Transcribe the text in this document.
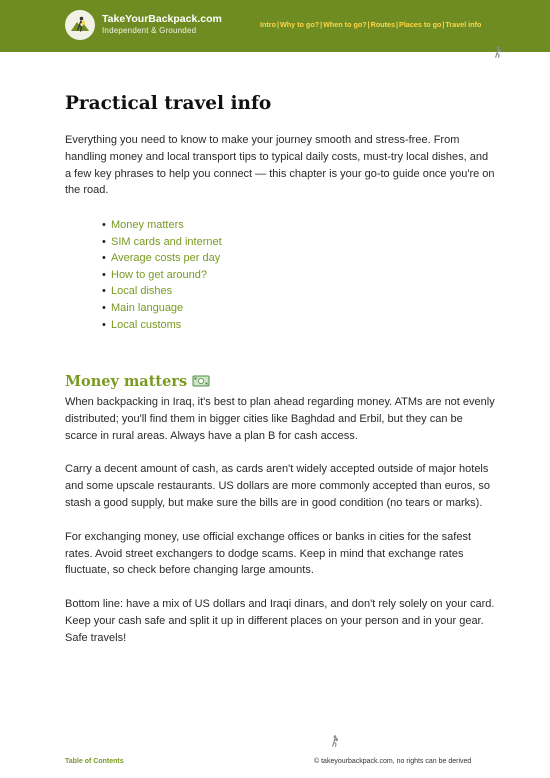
TakeYourBackpack.com
Independent & Grounded
Intro|Why to go?|When to go?|Routes|Places to go|Travel info
Practical travel info

Everything you need to know to make your journey smooth and stress-free. From handling money and local transport tips to typical daily costs, must-try local dishes, and a few key phrases to help you connect — this chapter is your go-to guide once you're on the road.

• Money matters
• SIM cards and internet
• Average costs per day
• How to get around?
• Local dishes
• Main language
• Local customs
Money matters

When backpacking in Iraq, it's best to plan ahead regarding money. ATMs are not evenly distributed; you'll find them in bigger cities like Baghdad and Erbil, but they can be scarce in rural areas. Always have a plan B for cash access.

Carry a decent amount of cash, as cards aren't widely accepted outside of major hotels and some upscale restaurants. US dollars are more commonly accepted than euros, so stash a good supply, but make sure the bills are in good condition (no tears or marks).

For exchanging money, use official exchange offices or banks in cities for the safest rates. Avoid street exchangers to dodge scams. Keep in mind that exchange rates fluctuate, so check before changing large amounts.

Bottom line: have a mix of US dollars and Iraqi dinars, and don't rely solely on your card. Keep your cash safe and split it up in different places on your person and in your gear. Safe travels!

Table of Contents	© takeyourbackpack.com, no rights can be derived
